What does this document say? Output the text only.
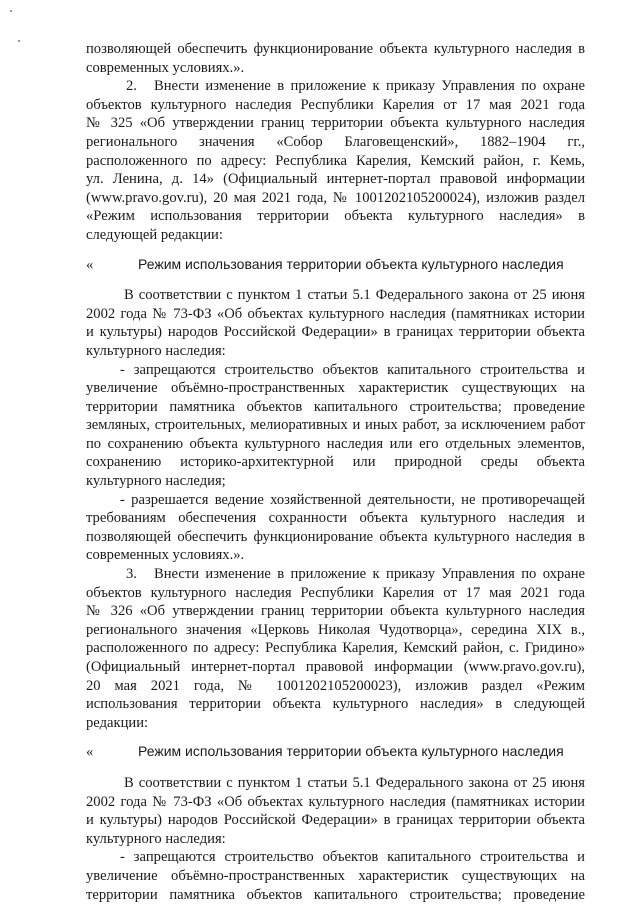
позволяющей обеспечить функционирование объекта культурного наследия в
современных условиях.».
2. Внести изменение в приложение к приказу Управления по охране
объектов культурного наследия Республики Карелия от 17 мая 2021 года
№ 325 «Об утверждении границ территории объекта культурного наследия
регионального значения «Собор Благовещенский», 1882–1904 гг.,
расположенного по адресу: Республика Карелия, Кемский район, г. Кемь,
ул. Ленина, д. 14» (Официальный интернет-портал правовой информации
(www.pravo.gov.ru), 20 мая 2021 года, № 1001202105200024), изложив раздел
«Режим использования территории объекта культурного наследия» в
следующей редакции:
«	Режим использования территории объекта культурного наследия
В соответствии с пунктом 1 статьи 5.1 Федерального закона от 25 июня
2002 года № 73-ФЗ «Об объектах культурного наследия (памятниках истории
и культуры) народов Российской Федерации» в границах территории объекта
культурного наследия:
- запрещаются строительство объектов капитального строительства и
увеличение объёмно-пространственных характеристик существующих на
территории памятника объектов капитального строительства; проведение
земляных, строительных, мелиоративных и иных работ, за исключением работ
по сохранению объекта культурного наследия или его отдельных элементов,
сохранению историко-архитектурной или природной среды объекта
культурного наследия;
- разрешается ведение хозяйственной деятельности, не противоречащей
требованиям обеспечения сохранности объекта культурного наследия и
позволяющей обеспечить функционирование объекта культурного наследия в
современных условиях.».
3. Внести изменение в приложение к приказу Управления по охране
объектов культурного наследия Республики Карелия от 17 мая 2021 года
№ 326 «Об утверждении границ территории объекта культурного наследия
регионального значения «Церковь Николая Чудотворца», середина XIX в.,
расположенного по адресу: Республика Карелия, Кемский район, с. Гридино»
(Официальный интернет-портал правовой информации (www.pravo.gov.ru),
20 мая 2021 года, № 1001202105200023), изложив раздел «Режим
использования территории объекта культурного наследия» в следующей
редакции:
«	Режим использования территории объекта культурного наследия
В соответствии с пунктом 1 статьи 5.1 Федерального закона от 25 июня
2002 года № 73-ФЗ «Об объектах культурного наследия (памятниках истории
и культуры) народов Российской Федерации» в границах территории объекта
культурного наследия:
- запрещаются строительство объектов капитального строительства и
увеличение объёмно-пространственных характеристик существующих на
территории памятника объектов капитального строительства; проведение
